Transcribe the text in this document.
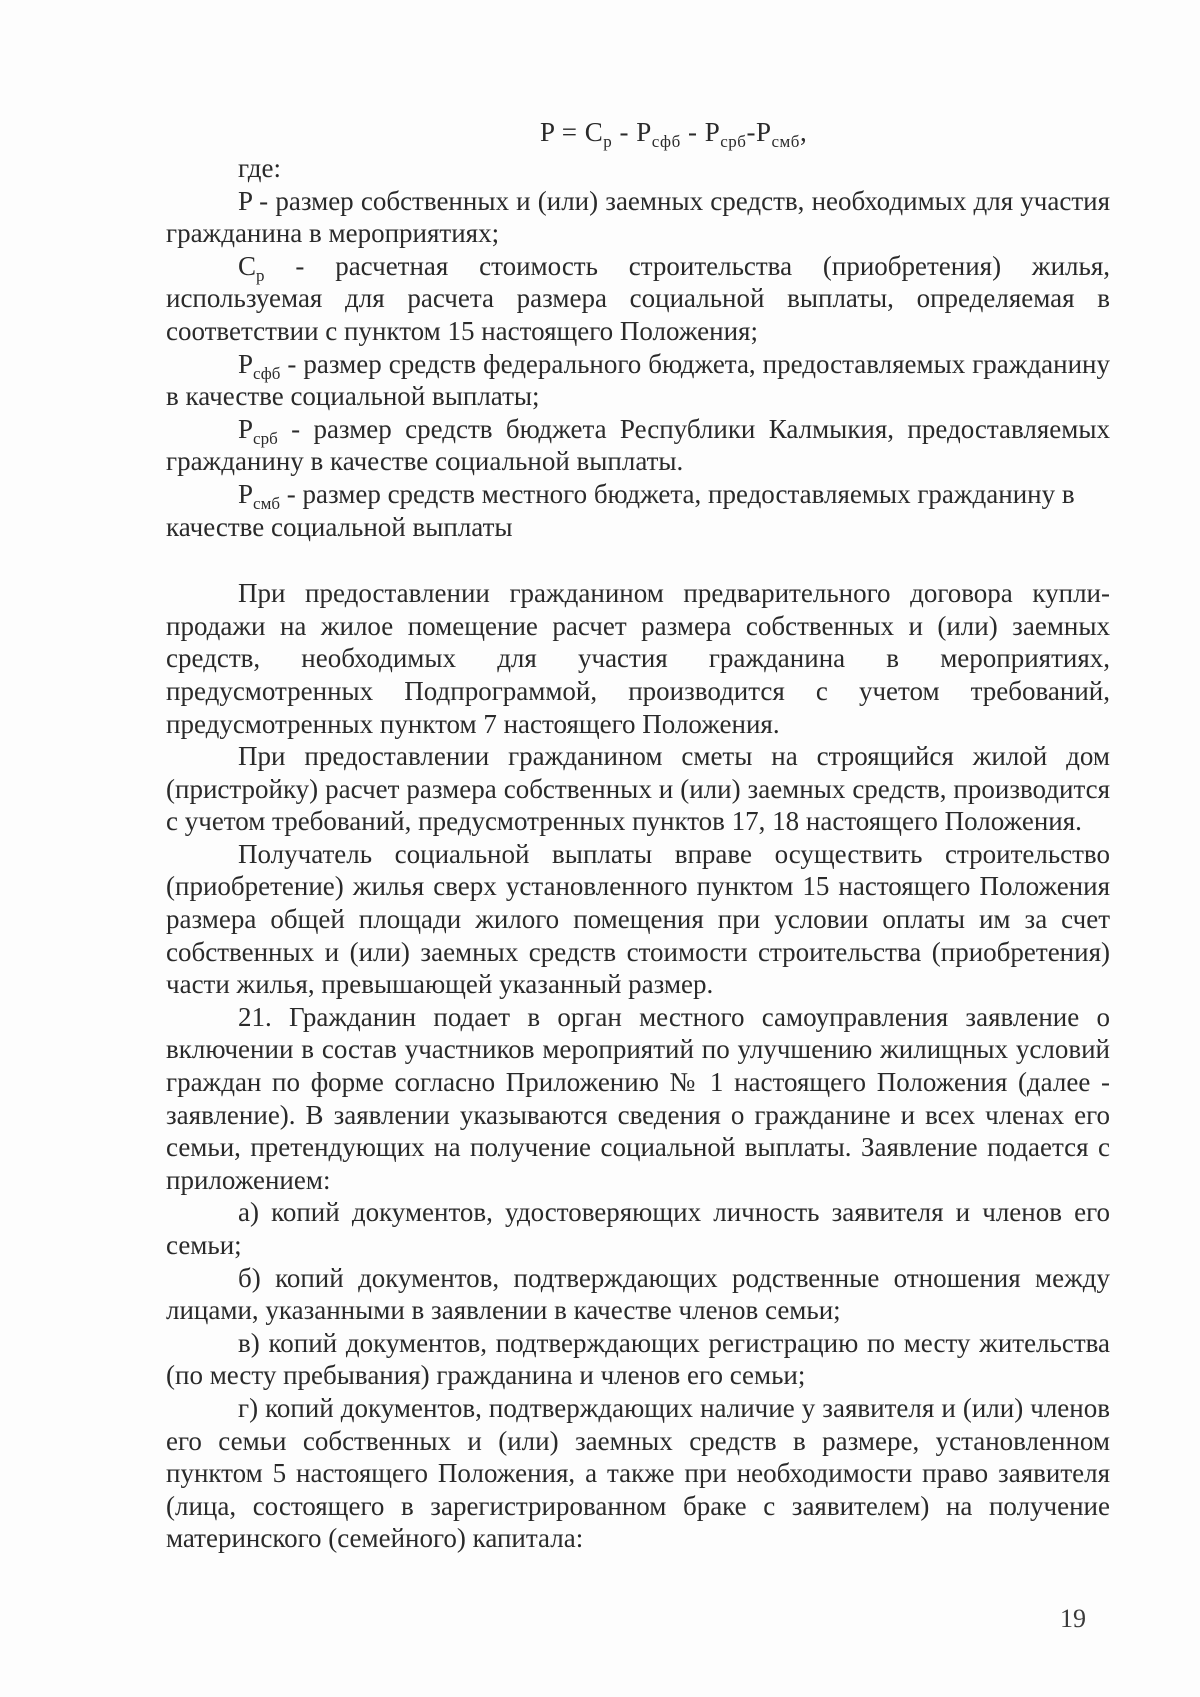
$P = C_р - P_{сфб} - P_{срб}-P_{смб}$,

где:

P - размер собственных и (или) заемных средств, необходимых для участия гражданина в мероприятиях;

$C_р$ - расчетная стоимость строительства (приобретения) жилья, используемая для расчета размера социальной выплаты, определяемая в соответствии с пунктом 15 настоящего Положения;

$P_{сфб}$ - размер средств федерального бюджета, предоставляемых гражданину в качестве социальной выплаты;

$P_{срб}$ - размер средств бюджета Республики Калмыкия, предоставляемых гражданину в качестве социальной выплаты.

$P_{смб}$ - размер средств местного бюджета, предоставляемых гражданину в качестве социальной выплаты

При предоставлении гражданином предварительного договора купли-продажи на жилое помещение расчет размера собственных и (или) заемных средств, необходимых для участия гражданина в мероприятиях, предусмотренных Подпрограммой, производится с учетом требований, предусмотренных пунктом 7 настоящего Положения.

При предоставлении гражданином сметы на строящийся жилой дом (пристройку) расчет размера собственных и (или) заемных средств, производится с учетом требований, предусмотренных пунктов 17, 18 настоящего Положения.

Получатель социальной выплаты вправе осуществить строительство (приобретение) жилья сверх установленного пунктом 15 настоящего Положения размера общей площади жилого помещения при условии оплаты им за счет собственных и (или) заемных средств стоимости строительства (приобретения) части жилья, превышающей указанный размер.

21. Гражданин подает в орган местного самоуправления заявление о включении в состав участников мероприятий по улучшению жилищных условий граждан по форме согласно Приложению № 1 настоящего Положения (далее - заявление). В заявлении указываются сведения о гражданине и всех членах его семьи, претендующих на получение социальной выплаты. Заявление подается с приложением:

а) копий документов, удостоверяющих личность заявителя и членов его семьи;

б) копий документов, подтверждающих родственные отношения между лицами, указанными в заявлении в качестве членов семьи;

в) копий документов, подтверждающих регистрацию по месту жительства (по месту пребывания) гражданина и членов его семьи;

г) копий документов, подтверждающих наличие у заявителя и (или) членов его семьи собственных и (или) заемных средств в размере, установленном пунктом 5 настоящего Положения, а также при необходимости право заявителя (лица, состоящего в зарегистрированном браке с заявителем) на получение материнского (семейного) капитала:

19
